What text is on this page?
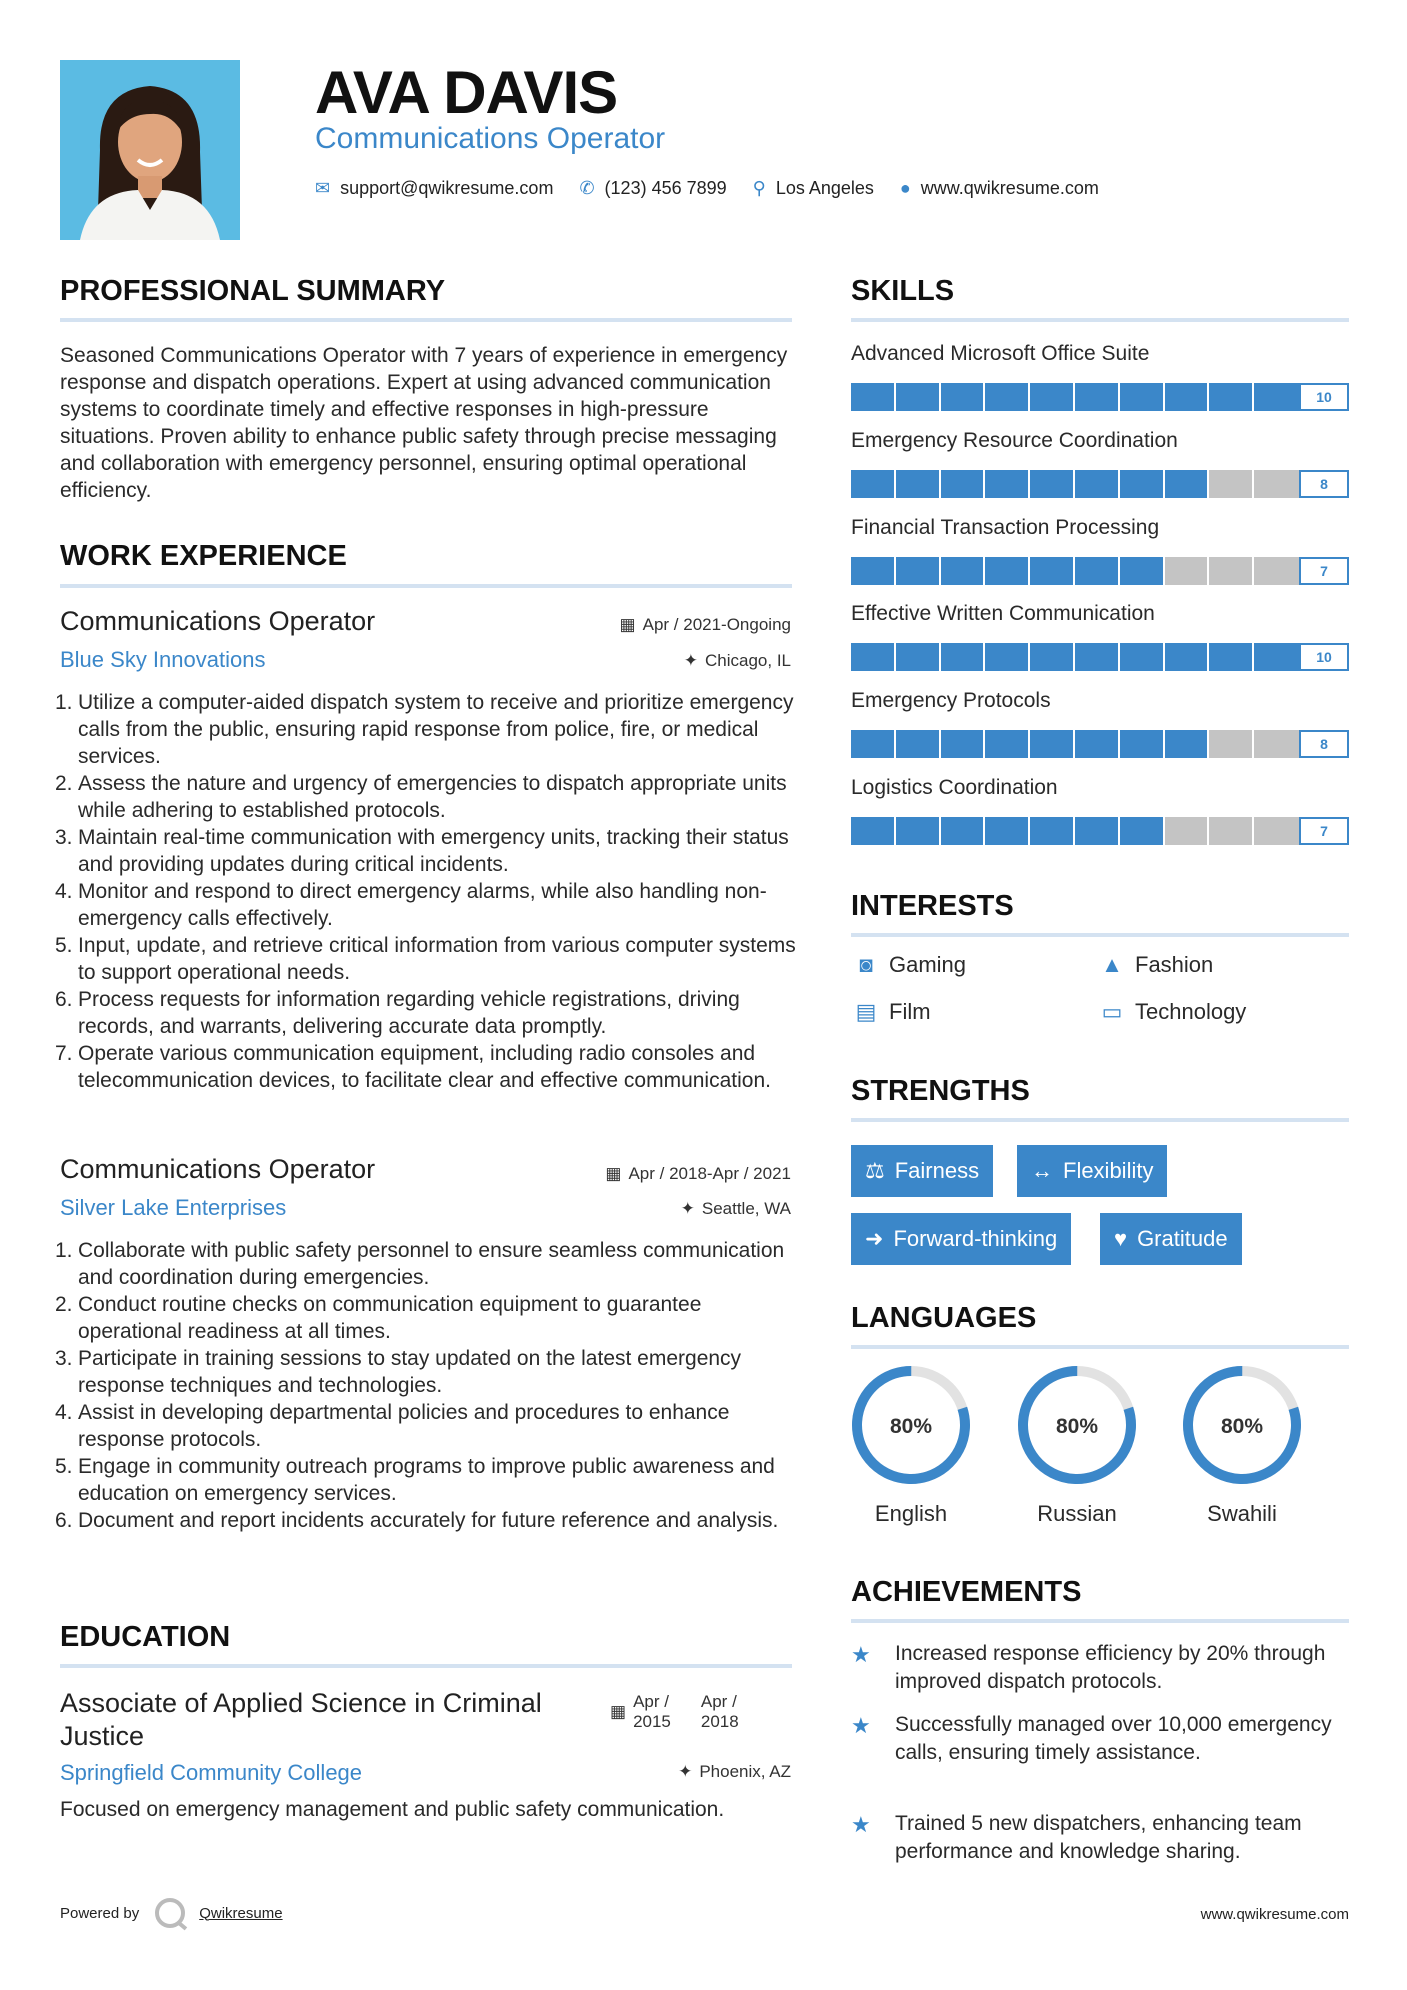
AVA DAVIS
Communications Operator
✉ support@qwikresume.com ✆ (123) 456 7899 ⚲ Los Angeles ● www.qwikresume.com
PROFESSIONAL SUMMARY
Seasoned Communications Operator with 7 years of experience in emergency response and dispatch operations. Expert at using advanced communication systems to coordinate timely and effective responses in high-pressure situations. Proven ability to enhance public safety through precise messaging and collaboration with emergency personnel, ensuring optimal operational efficiency.
WORK EXPERIENCE
Communications Operator	▦ Apr / 2021-Ongoing
Blue Sky Innovations	✦ Chicago, IL
1. Utilize a computer-aided dispatch system to receive and prioritize emergency calls from the public, ensuring rapid response from police, fire, or medical services.
2. Assess the nature and urgency of emergencies to dispatch appropriate units while adhering to established protocols.
3. Maintain real-time communication with emergency units, tracking their status and providing updates during critical incidents.
4. Monitor and respond to direct emergency alarms, while also handling non-emergency calls effectively.
5. Input, update, and retrieve critical information from various computer systems to support operational needs.
6. Process requests for information regarding vehicle registrations, driving records, and warrants, delivering accurate data promptly.
7. Operate various communication equipment, including radio consoles and telecommunication devices, to facilitate clear and effective communication.
Communications Operator	▦ Apr / 2018-Apr / 2021
Silver Lake Enterprises	✦ Seattle, WA
1. Collaborate with public safety personnel to ensure seamless communication and coordination during emergencies.
2. Conduct routine checks on communication equipment to guarantee operational readiness at all times.
3. Participate in training sessions to stay updated on the latest emergency response techniques and technologies.
4. Assist in developing departmental policies and procedures to enhance response protocols.
5. Engage in community outreach programs to improve public awareness and education on emergency services.
6. Document and report incidents accurately for future reference and analysis.
EDUCATION
Associate of Applied Science in Criminal
Justice
▦
Apr /
2015
Apr /
2018
Springfield Community College	✦ Phoenix, AZ
Focused on emergency management and public safety communication.
SKILLS
Advanced Microsoft Office Suite
10
Emergency Resource Coordination
8
Financial Transaction Processing
7
Effective Written Communication
10
Emergency Protocols
8
Logistics Coordination
7
INTERESTS
◙ Gaming	▲ Fashion
▤ Film	▭ Technology
STRENGTHS
⚖ Fairness ↔ Flexibility
➜ Forward-thinking	♥ Gratitude
LANGUAGES
80%
English
80%
Russian
80%
Swahili
ACHIEVEMENTS
★	Increased response efficiency by 20% through improved dispatch protocols.
★	Successfully managed over 10,000 emergency calls, ensuring timely assistance.
★	Trained 5 new dispatchers, enhancing team performance and knowledge sharing.
Powered by	Qwikresume	www.qwikresume.com
